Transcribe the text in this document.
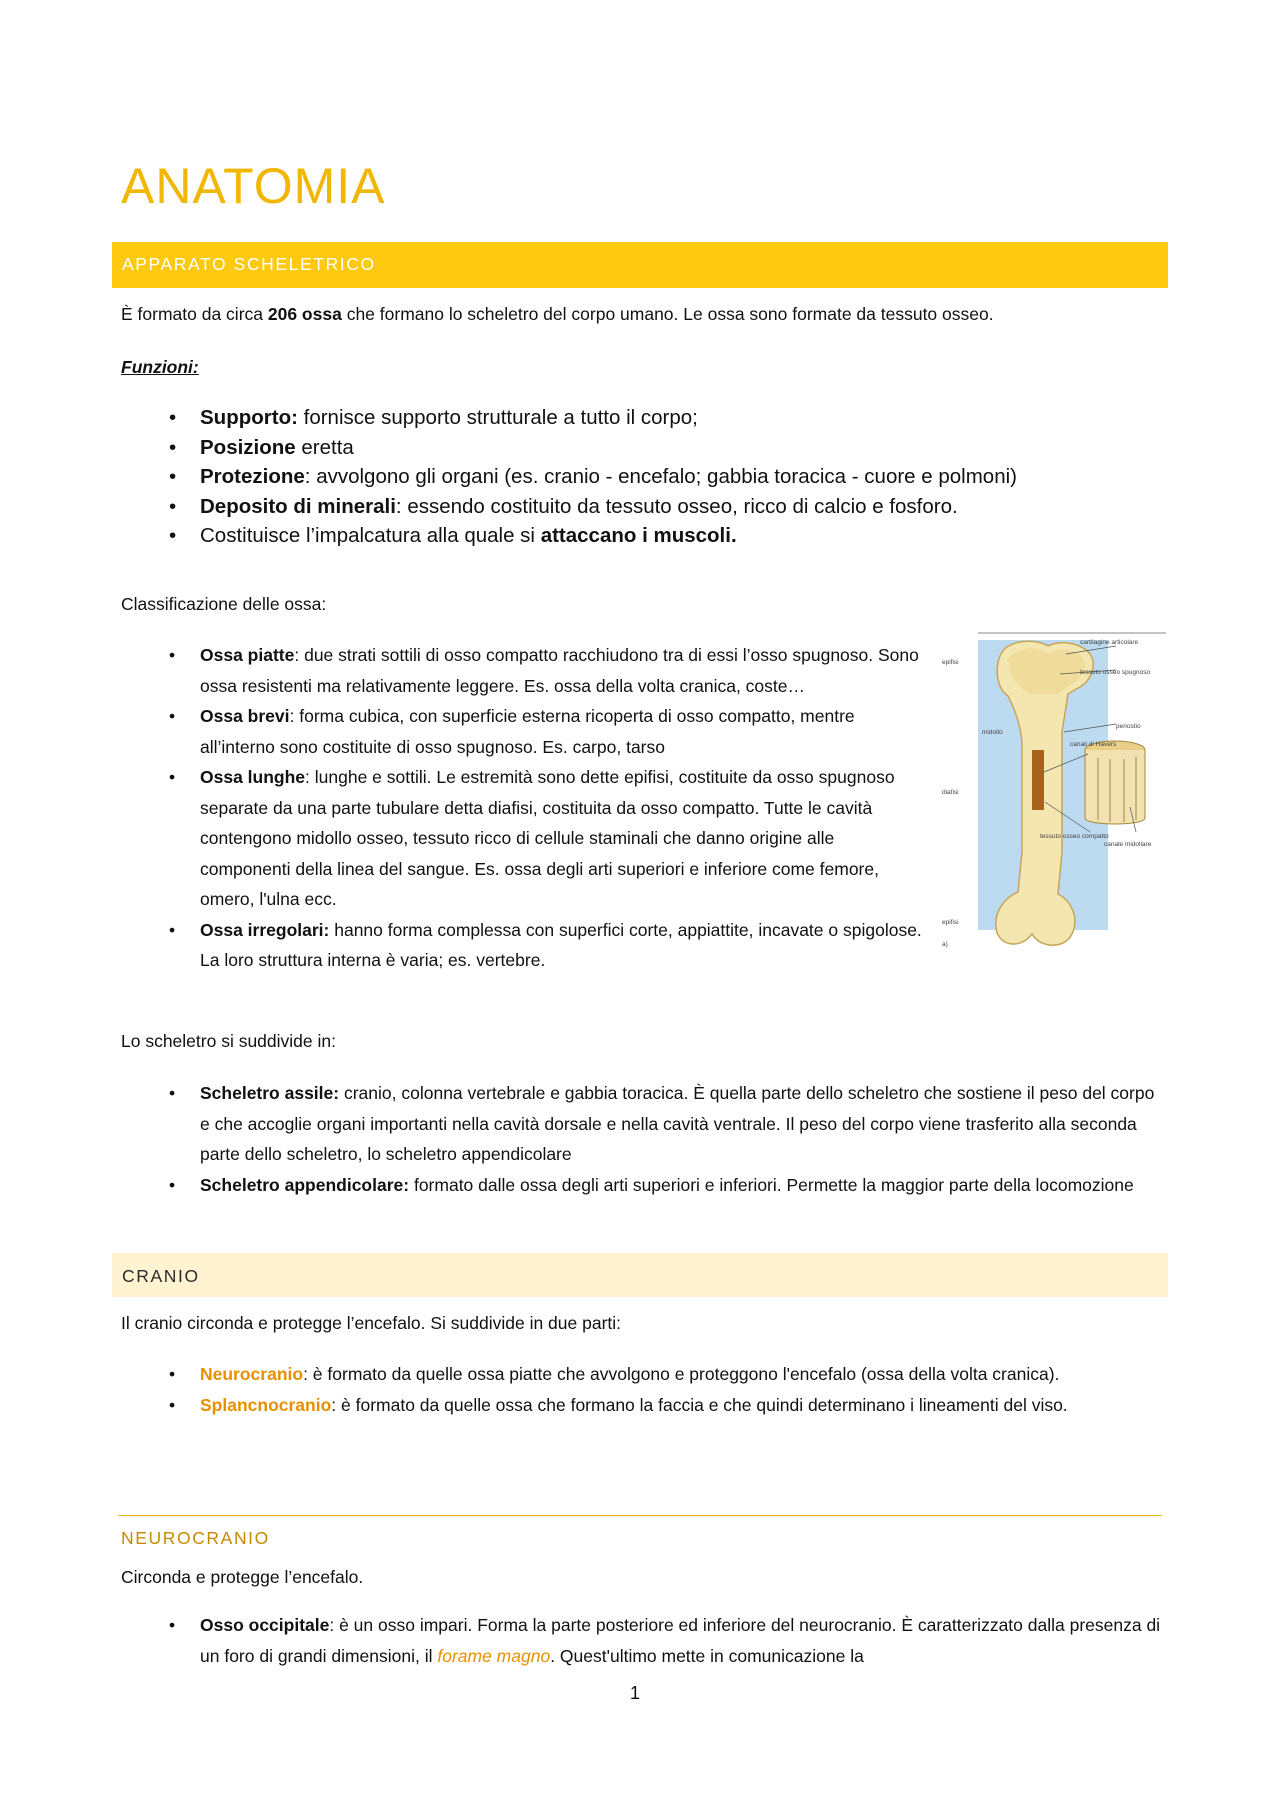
ANATOMIA
APPARATO SCHELETRICO

È formato da circa 206 ossa che formano lo scheletro del corpo umano. Le ossa sono formate da tessuto osseo.

Funzioni:

• Supporto: fornisce supporto strutturale a tutto il corpo;
• Posizione eretta
• Protezione: avvolgono gli organi (es. cranio - encefalo; gabbia toracica - cuore e polmoni)
• Deposito di minerali: essendo costituito da tessuto osseo, ricco di calcio e fosforo.
• Costituisce l’impalcatura alla quale si attaccano i muscoli.

Classificazione delle ossa:

• Ossa piatte: due strati sottili di osso compatto racchiudono tra di essi l’osso spugnoso. Sono ossa resistenti ma relativamente leggere. Es. ossa della volta cranica, coste…
• Ossa brevi: forma cubica, con superficie esterna ricoperta di osso compatto, mentre all’interno sono costituite di osso spugnoso. Es. carpo, tarso
• Ossa lunghe: lunghe e sottili. Le estremità sono dette epifisi, costituite da osso spugnoso separate da una parte tubulare detta diafisi, costituita da osso compatto. Tutte le cavità contengono midollo osseo, tessuto ricco di cellule staminali che danno origine alle componenti della linea del sangue. Es. ossa degli arti superiori e inferiore come femore, omero, l'ulna ecc.
• Ossa irregolari: hanno forma complessa con superfici corte, appiattite, incavate o spigolose. La loro struttura interna è varia; es. vertebre.
epifisi
midollo
diafisi
epifisi
a)
cartilagine articolare
tessuto osseo spugnoso
periostio
canali di Havers
tessuto osseo compatto
canale midollare

Lo scheletro si suddivide in:

• Scheletro assile: cranio, colonna vertebrale e gabbia toracica. È quella parte dello scheletro che sostiene il peso del corpo e che accoglie organi importanti nella cavità dorsale e nella cavità ventrale. Il peso del corpo viene trasferito alla seconda parte dello scheletro, lo scheletro appendicolare
• Scheletro appendicolare: formato dalle ossa degli arti superiori e inferiori. Permette la maggior parte della locomozione
CRANIO

Il cranio circonda e protegge l’encefalo. Si suddivide in due parti:

• Neurocranio: è formato da quelle ossa piatte che avvolgono e proteggono l'encefalo (ossa della volta cranica).
• Splancnocranio: è formato da quelle ossa che formano la faccia e che quindi determinano i lineamenti del viso.
NEUROCRANIO

Circonda e protegge l’encefalo.

• Osso occipitale: è un osso impari. Forma la parte posteriore ed inferiore del neurocranio. È caratterizzato dalla presenza di un foro di grandi dimensioni, il forame magno. Quest'ultimo mette in comunicazione la
1
